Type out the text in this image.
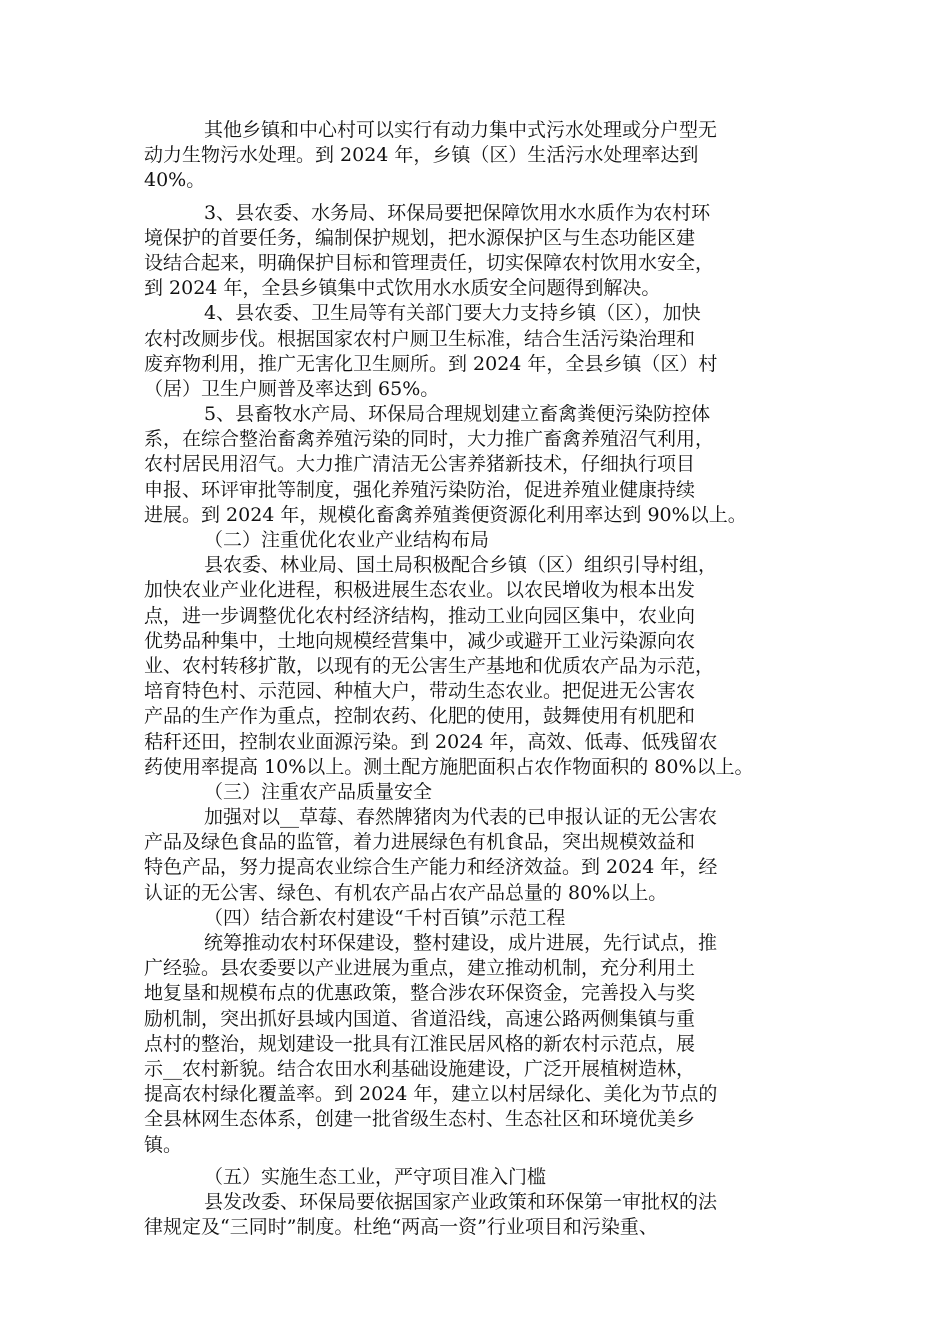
其他乡镇和中心村可以实行有动力集中式污水处理或分户型无
动力生物污水处理。到 2024 年，乡镇（区）生活污水处理率达到
40%。
3、县农委、水务局、环保局要把保障饮用水水质作为农村环
境保护的首要任务，编制保护规划，把水源保护区与生态功能区建
设结合起来，明确保护目标和管理责任，切实保障农村饮用水安全，
到 2024 年，全县乡镇集中式饮用水水质安全问题得到解决。
4、县农委、卫生局等有关部门要大力支持乡镇（区），加快
农村改厕步伐。根据国家农村户厕卫生标准，结合生活污染治理和
废弃物利用，推广无害化卫生厕所。到 2024 年，全县乡镇（区）村
（居）卫生户厕普及率达到 65%。
5、县畜牧水产局、环保局合理规划建立畜禽粪便污染防控体
系，在综合整治畜禽养殖污染的同时，大力推广畜禽养殖沼气利用，
农村居民用沼气。大力推广清洁无公害养猪新技术，仔细执行项目
申报、环评审批等制度，强化养殖污染防治，促进养殖业健康持续
进展。到 2024 年，规模化畜禽养殖粪便资源化利用率达到 90%以上。
（二）注重优化农业产业结构布局
县农委、林业局、国土局积极配合乡镇（区）组织引导村组，
加快农业产业化进程，积极进展生态农业。以农民增收为根本出发
点，进一步调整优化农村经济结构，推动工业向园区集中，农业向
优势品种集中，土地向规模经营集中，减少或避开工业污染源向农
业、农村转移扩散，以现有的无公害生产基地和优质农产品为示范，
培育特色村、示范园、种植大户，带动生态农业。把促进无公害农
产品的生产作为重点，控制农药、化肥的使用，鼓舞使用有机肥和
秸秆还田，控制农业面源污染。到 2024 年，高效、低毒、低残留农
药使用率提高 10%以上。测土配方施肥面积占农作物面积的 80%以上。
（三）注重农产品质量安全
加强对以__草莓、春然牌猪肉为代表的已申报认证的无公害农
产品及绿色食品的监管，着力进展绿色有机食品，突出规模效益和
特色产品，努力提高农业综合生产能力和经济效益。到 2024 年，经
认证的无公害、绿色、有机农产品占农产品总量的 80%以上。
（四）结合新农村建设“千村百镇”示范工程
统筹推动农村环保建设，整村建设，成片进展，先行试点，推
广经验。县农委要以产业进展为重点，建立推动机制，充分利用土
地复垦和规模布点的优惠政策，整合涉农环保资金，完善投入与奖
励机制，突出抓好县域内国道、省道沿线，高速公路两侧集镇与重
点村的整治，规划建设一批具有江淮民居风格的新农村示范点，展
示__农村新貌。结合农田水利基础设施建设，广泛开展植树造林，
提高农村绿化覆盖率。到 2024 年，建立以村居绿化、美化为节点的
全县林网生态体系，创建一批省级生态村、生态社区和环境优美乡
镇。
（五）实施生态工业，严守项目准入门槛
县发改委、环保局要依据国家产业政策和环保第一审批权的法
律规定及“三同时”制度。杜绝“两高一资”行业项目和污染重、
